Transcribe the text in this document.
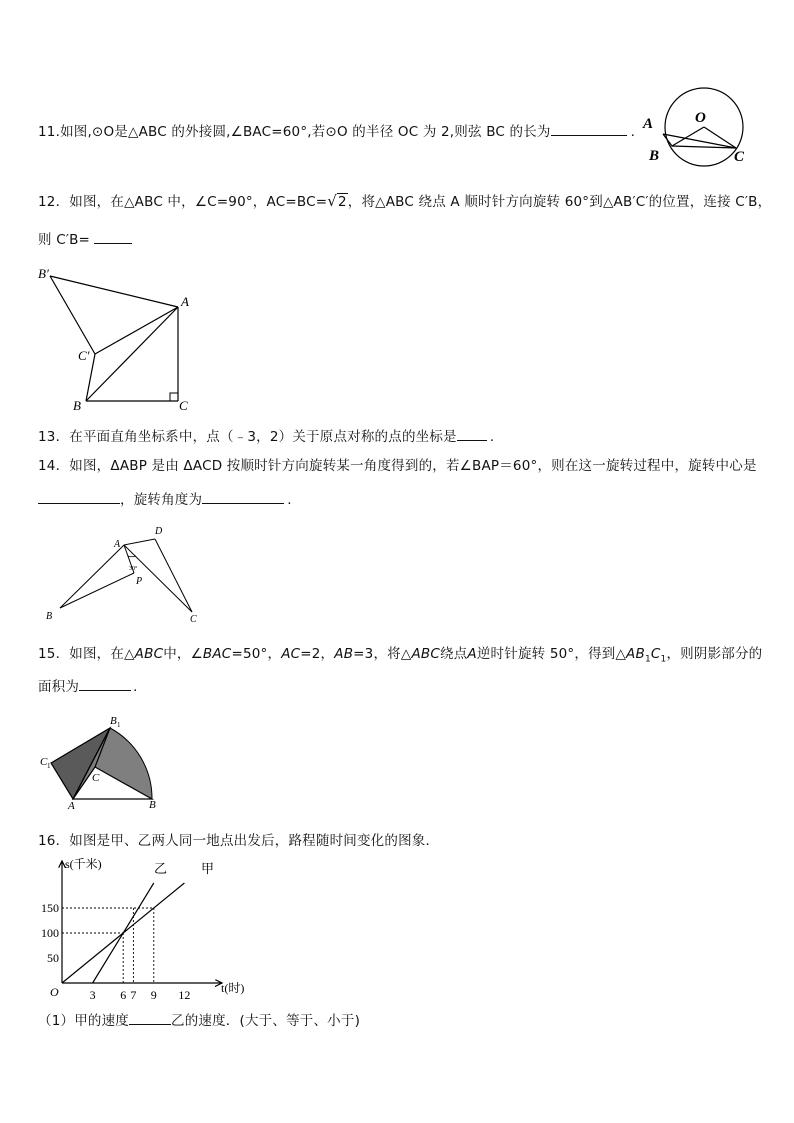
11.如图,⊙O是△ABC 的外接圆,∠BAC=60°,若⊙O 的半径 OC 为 2,则弦 BC 的长为	. A	O
B	C
12．如图，在△ABC 中，∠C=90°，AC=BC=√2，将△ABC 绕点 A 顺时针方向旋转 60°到△AB′C′的位置，连接 C′B，
则 C′B=
B′
A
C′
B	C
13．在平面直角坐标系中，点（﹣3，2）关于原点对称的点的坐标是 .
14．如图，ΔABP 是由 ΔACD 按顺时针方向旋转某一角度得到的，若∠BAP＝60°，则在这一旋转过程中，旋转中心是
，旋转角度为	.
A
D
30°
P
B	C
15．如图，在△ABC中，∠BAC=50°，AC=2，AB=3，将△ABC绕点A逆时针旋转 50°，得到$\triangle AB_1C_1$，则阴影部分的
面积为	.
B 1
C 1
C
A	B
16．如图是甲、乙两人同一地点出发后，路程随时间变化的图象．
3 6 7 9 12
50
100
150
s(千米)
t(时)
O
乙	甲
（1）甲的速度	乙的速度．(大于、等于、小于)
